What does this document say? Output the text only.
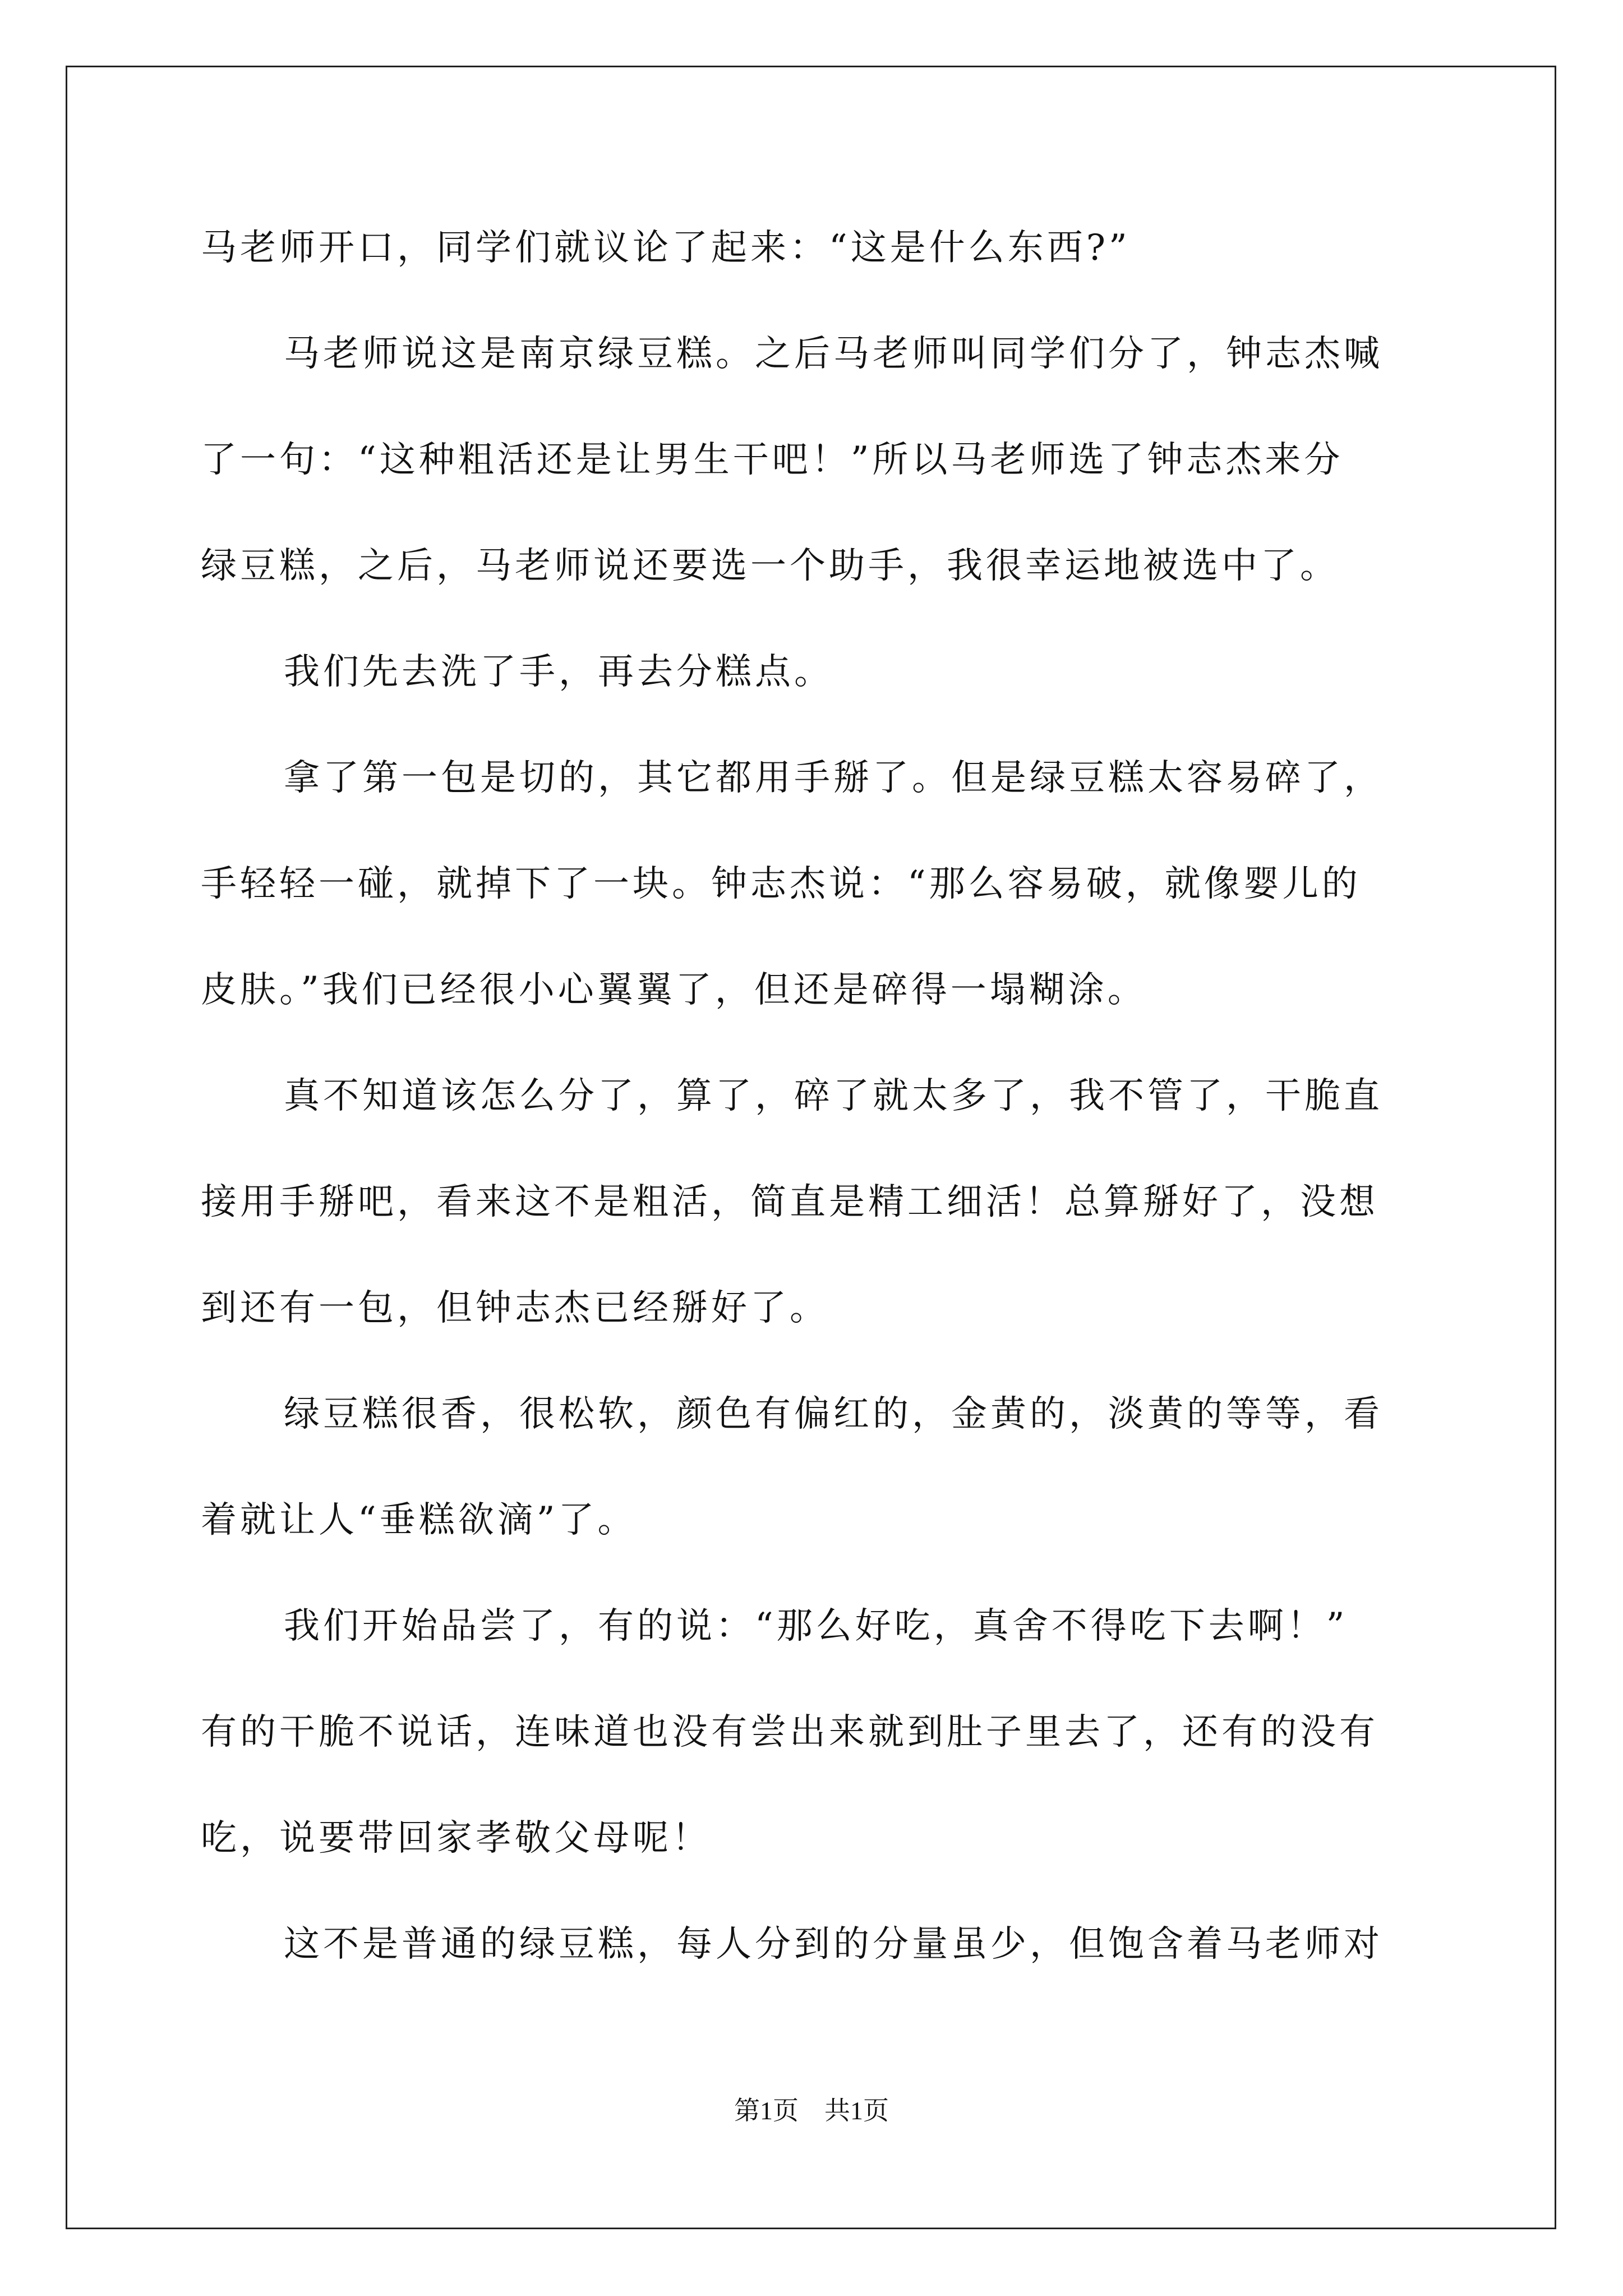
马老师开口，同学们就议论了起来：“这是什么东西?”

马老师说这是南京绿豆糕。之后马老师叫同学们分了，钟志杰喊

了一句：“这种粗活还是让男生干吧！”所以马老师选了钟志杰来分

绿豆糕，之后，马老师说还要选一个助手，我很幸运地被选中了。

我们先去洗了手，再去分糕点。

拿了第一包是切的，其它都用手掰了。但是绿豆糕太容易碎了，

手轻轻一碰，就掉下了一块。钟志杰说：“那么容易破，就像婴儿的

皮肤。”我们已经很小心翼翼了，但还是碎得一塌糊涂。

真不知道该怎么分了，算了，碎了就太多了，我不管了，干脆直

接用手掰吧，看来这不是粗活，简直是精工细活！总算掰好了，没想

到还有一包，但钟志杰已经掰好了。

绿豆糕很香，很松软，颜色有偏红的，金黄的，淡黄的等等，看

着就让人“垂糕欲滴”了。

我们开始品尝了，有的说：“那么好吃，真舍不得吃下去啊！”

有的干脆不说话，连味道也没有尝出来就到肚子里去了，还有的没有

吃，说要带回家孝敬父母呢！

这不是普通的绿豆糕，每人分到的分量虽少，但饱含着马老师对

第1页 共1页
